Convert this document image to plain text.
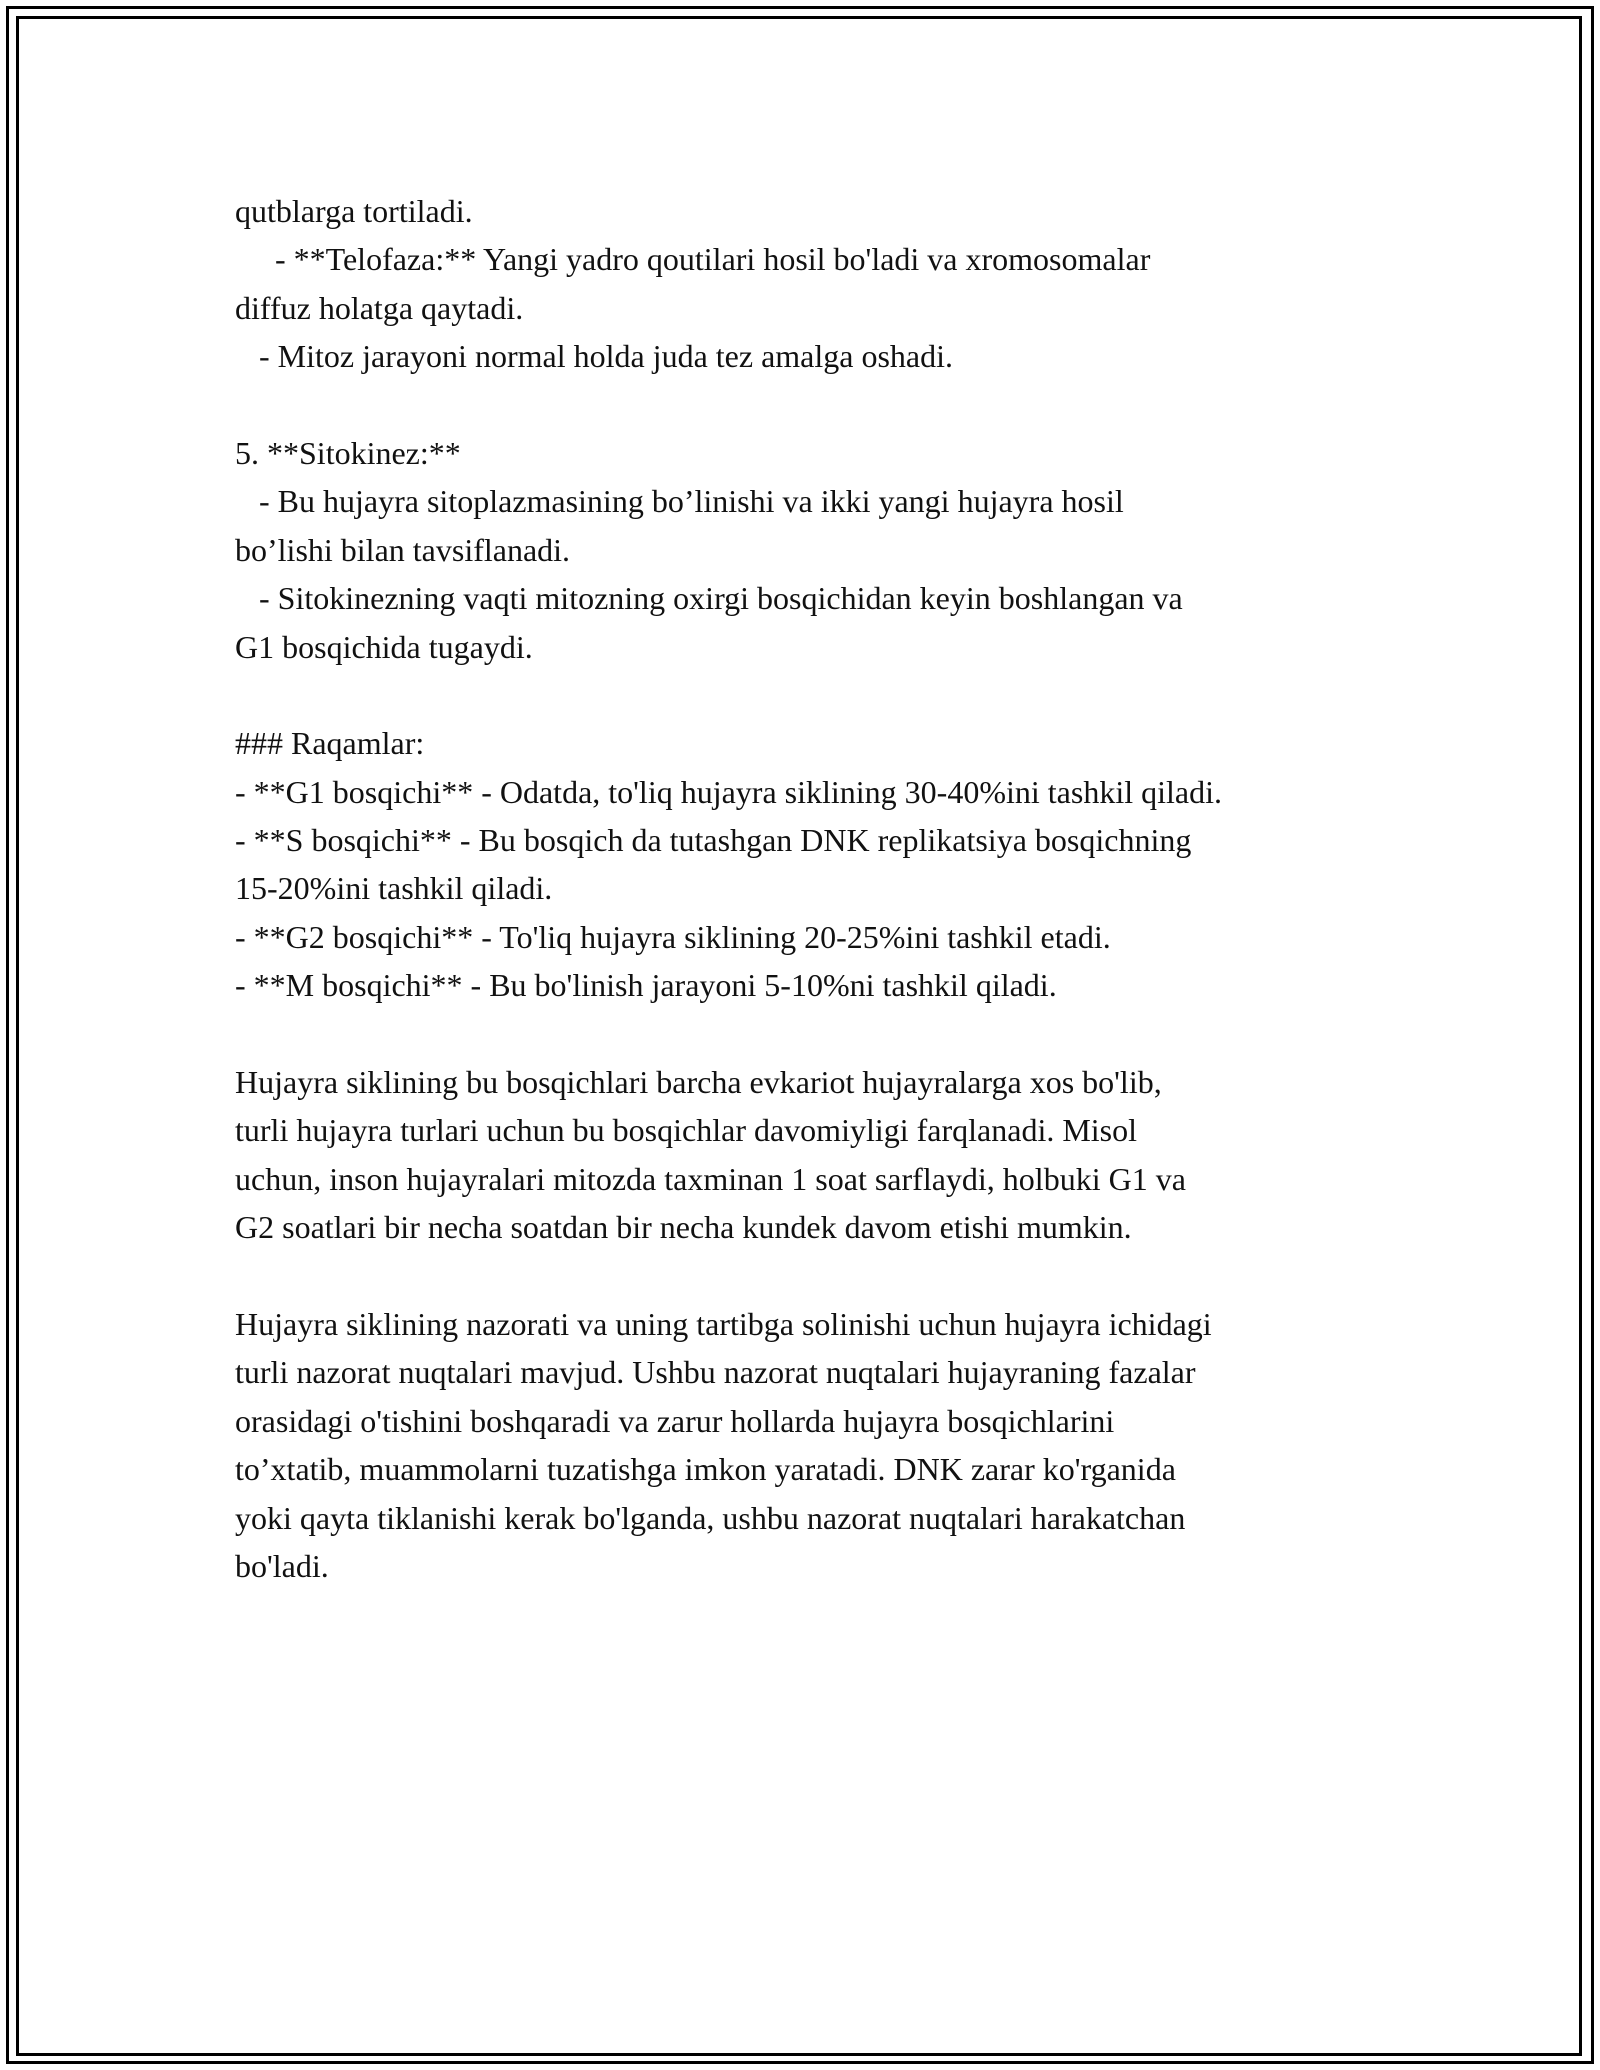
qutblarga tortiladi.
- **Telofaza:** Yangi yadro qoutilari hosil bo'ladi va xromosomalar
diffuz holatga qaytadi.
- Mitoz jarayoni normal holda juda tez amalga oshadi.
5. **Sitokinez:**
- Bu hujayra sitoplazmasining bo’linishi va ikki yangi hujayra hosil
bo’lishi bilan tavsiflanadi.
- Sitokinezning vaqti mitozning oxirgi bosqichidan keyin boshlangan va
G1 bosqichida tugaydi.
### Raqamlar:
- **G1 bosqichi** - Odatda, to'liq hujayra siklining 30-40%ini tashkil qiladi.
- **S bosqichi** - Bu bosqich da tutashgan DNK replikatsiya bosqichning
15-20%ini tashkil qiladi.
- **G2 bosqichi** - To'liq hujayra siklining 20-25%ini tashkil etadi.
- **M bosqichi** - Bu bo'linish jarayoni 5-10%ni tashkil qiladi.
Hujayra siklining bu bosqichlari barcha evkariot hujayralarga xos bo'lib,
turli hujayra turlari uchun bu bosqichlar davomiyligi farqlanadi. Misol
uchun, inson hujayralari mitozda taxminan 1 soat sarflaydi, holbuki G1 va
G2 soatlari bir necha soatdan bir necha kundek davom etishi mumkin.
Hujayra siklining nazorati va uning tartibga solinishi uchun hujayra ichidagi
turli nazorat nuqtalari mavjud. Ushbu nazorat nuqtalari hujayraning fazalar
orasidagi o'tishini boshqaradi va zarur hollarda hujayra bosqichlarini
to’xtatib, muammolarni tuzatishga imkon yaratadi. DNK zarar ko'rganida
yoki qayta tiklanishi kerak bo'lganda, ushbu nazorat nuqtalari harakatchan
bo'ladi.
